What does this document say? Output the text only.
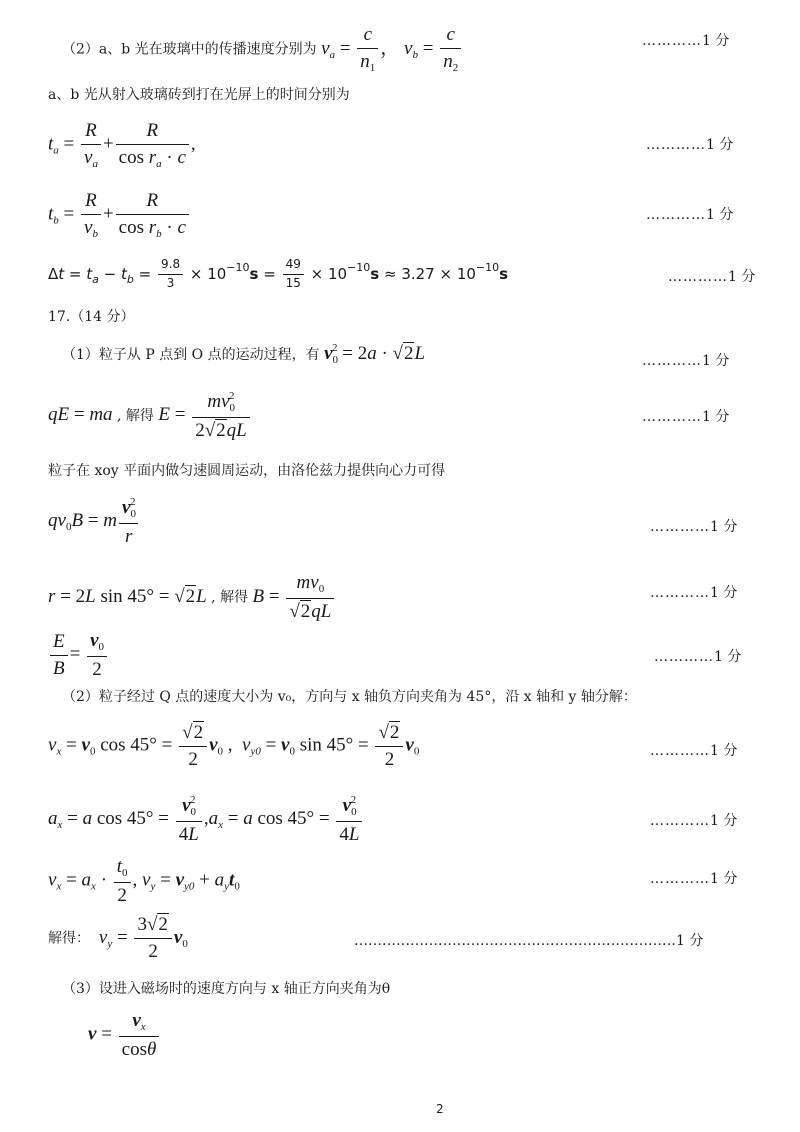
（2）a、b 光在玻璃中的传播速度分别为 $v_a = \frac{c}{n_1}$ ， $v_b = \frac{c}{n_2}$	…………1 分
a、b 光从射入玻璃砖到打在光屏上的时间分别为
$t_a = \frac{R}{v_a} + \frac{R}{\cos r_a \cdot c}$ ,	…………1 分
$t_b = \frac{R}{v_b} + \frac{R}{\cos r_b \cdot c}$	…………1 分
$\Delta t = t_a - t_b = \frac{9.8}{3} \times 10^{-10}s = \frac{49}{15} \times 10^{-10}s \approx 3.27 \times 10^{-10}s$	…………1 分
17.（14 分）
（1）粒子从 P 点到 O 点的运动过程，有 $v_0^2 = 2a \cdot √2L$	…………1 分
qE = ma , 解得 $E = \frac{mv_0^2}{2√2qL}$	…………1 分
粒子在 xoy 平面内做匀速圆周运动，由洛伦兹力提供向心力可得
$qv_0B = m \frac{v_0^2}{r}$	…………1 分
r = 2L sin 45° = √2L , 解得 $B = \frac{mv_0}{√2qL}$	…………1 分
$\frac{E}{B} = \frac{v_0}{2}$	…………1 分
（2）粒子经过 Q 点的速度大小为 v₀，方向与 x 轴负方向夹角为 45°，沿 x 轴和 y 轴分解：
$v_x = v_0$ $\cos 45^\circ = \frac{√2}{2} v_0$ ,  $v_{y0} = v_0$ $\sin 45^\circ = \frac{√2}{2} v_0$	…………1 分
$a_x = a$ $\cos 45^\circ = \frac{v_0^2}{4L} ,a_x = a$ $\cos 45^\circ = \frac{v_0^2}{4L}$	…………1 分
$v_x = a_x \cdot \frac{t_0}{2}$ , $v_y = v_{y0} + a_yt_0$	…………1 分
解得： $v_y = \frac{3√2}{2} v_0$	……………………………………………………………1 分
（3）设进入磁场时的速度方向与 x 轴正方向夹角为θ
$v = \frac{v_x}{\cos\theta}$
2
